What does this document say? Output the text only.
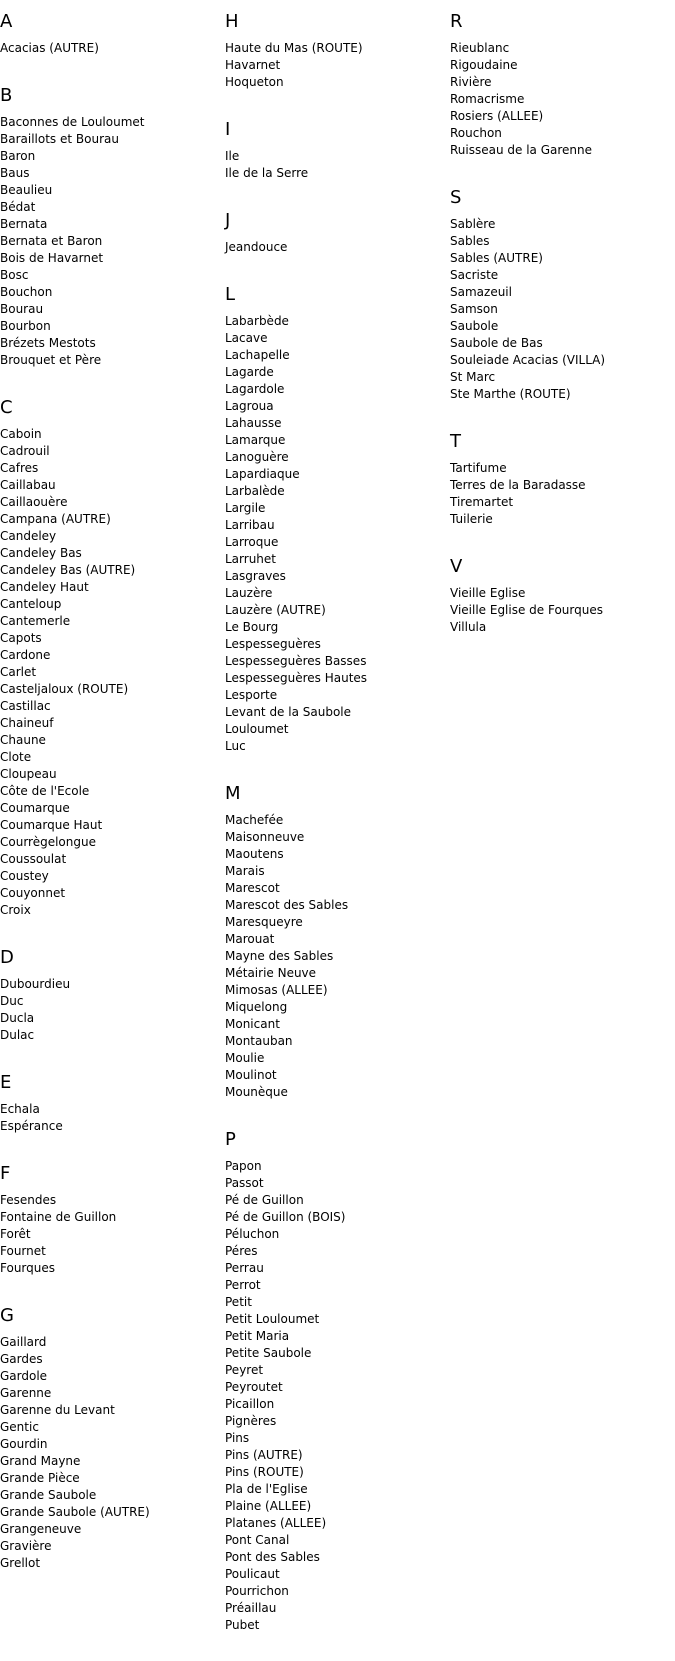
A
Acacias (AUTRE)
B
Baconnes de Louloumet
Baraillots et Bourau
Baron
Baus
Beaulieu
Bédat
Bernata
Bernata et Baron
Bois de Havarnet
Bosc
Bouchon
Bourau
Bourbon
Brézets Mestots
Brouquet et Père
C
Caboin
Cadrouil
Cafres
Caillabau
Caillaouère
Campana (AUTRE)
Candeley
Candeley Bas
Candeley Bas (AUTRE)
Candeley Haut
Canteloup
Cantemerle
Capots
Cardone
Carlet
Casteljaloux (ROUTE)
Castillac
Chaineuf
Chaune
Clote
Cloupeau
Côte de l'Ecole
Coumarque
Coumarque Haut
Courrègelongue
Coussoulat
Coustey
Couyonnet
Croix
D
Dubourdieu
Duc
Ducla
Dulac
E
Echala
Espérance
F
Fesendes
Fontaine de Guillon
Forêt
Fournet
Fourques
G
Gaillard
Gardes
Gardole
Garenne
Garenne du Levant
Gentic
Gourdin
Grand Mayne
Grande Pièce
Grande Saubole
Grande Saubole (AUTRE)
Grangeneuve
Gravière
Grellot
H
Haute du Mas (ROUTE)
Havarnet
Hoqueton
I
Ile
Ile de la Serre
J
Jeandouce
L
Labarbède
Lacave
Lachapelle
Lagarde
Lagardole
Lagroua
Lahausse
Lamarque
Lanoguère
Lapardiaque
Larbalède
Largile
Larribau
Larroque
Larruhet
Lasgraves
Lauzère
Lauzère (AUTRE)
Le Bourg
Lespesseguères
Lespesseguères Basses
Lespesseguères Hautes
Lesporte
Levant de la Saubole
Louloumet
Luc
M
Machefée
Maisonneuve
Maoutens
Marais
Marescot
Marescot des Sables
Maresqueyre
Marouat
Mayne des Sables
Métairie Neuve
Mimosas (ALLEE)
Miquelong
Monicant
Montauban
Moulie
Moulinot
Mounèque
P
Papon
Passot
Pé de Guillon
Pé de Guillon (BOIS)
Péluchon
Péres
Perrau
Perrot
Petit
Petit Louloumet
Petit Maria
Petite Saubole
Peyret
Peyroutet
Picaillon
Pignères
Pins
Pins (AUTRE)
Pins (ROUTE)
Pla de l'Eglise
Plaine (ALLEE)
Platanes (ALLEE)
Pont Canal
Pont des Sables
Poulicaut
Pourrichon
Préaillau
Pubet
R
Rieublanc
Rigoudaine
Rivière
Romacrisme
Rosiers (ALLEE)
Rouchon
Ruisseau de la Garenne
S
Sablère
Sables
Sables (AUTRE)
Sacriste
Samazeuil
Samson
Saubole
Saubole de Bas
Souleiade Acacias (VILLA)
St Marc
Ste Marthe (ROUTE)
T
Tartifume
Terres de la Baradasse
Tiremartet
Tuilerie
V
Vieille Eglise
Vieille Eglise de Fourques
Villula
